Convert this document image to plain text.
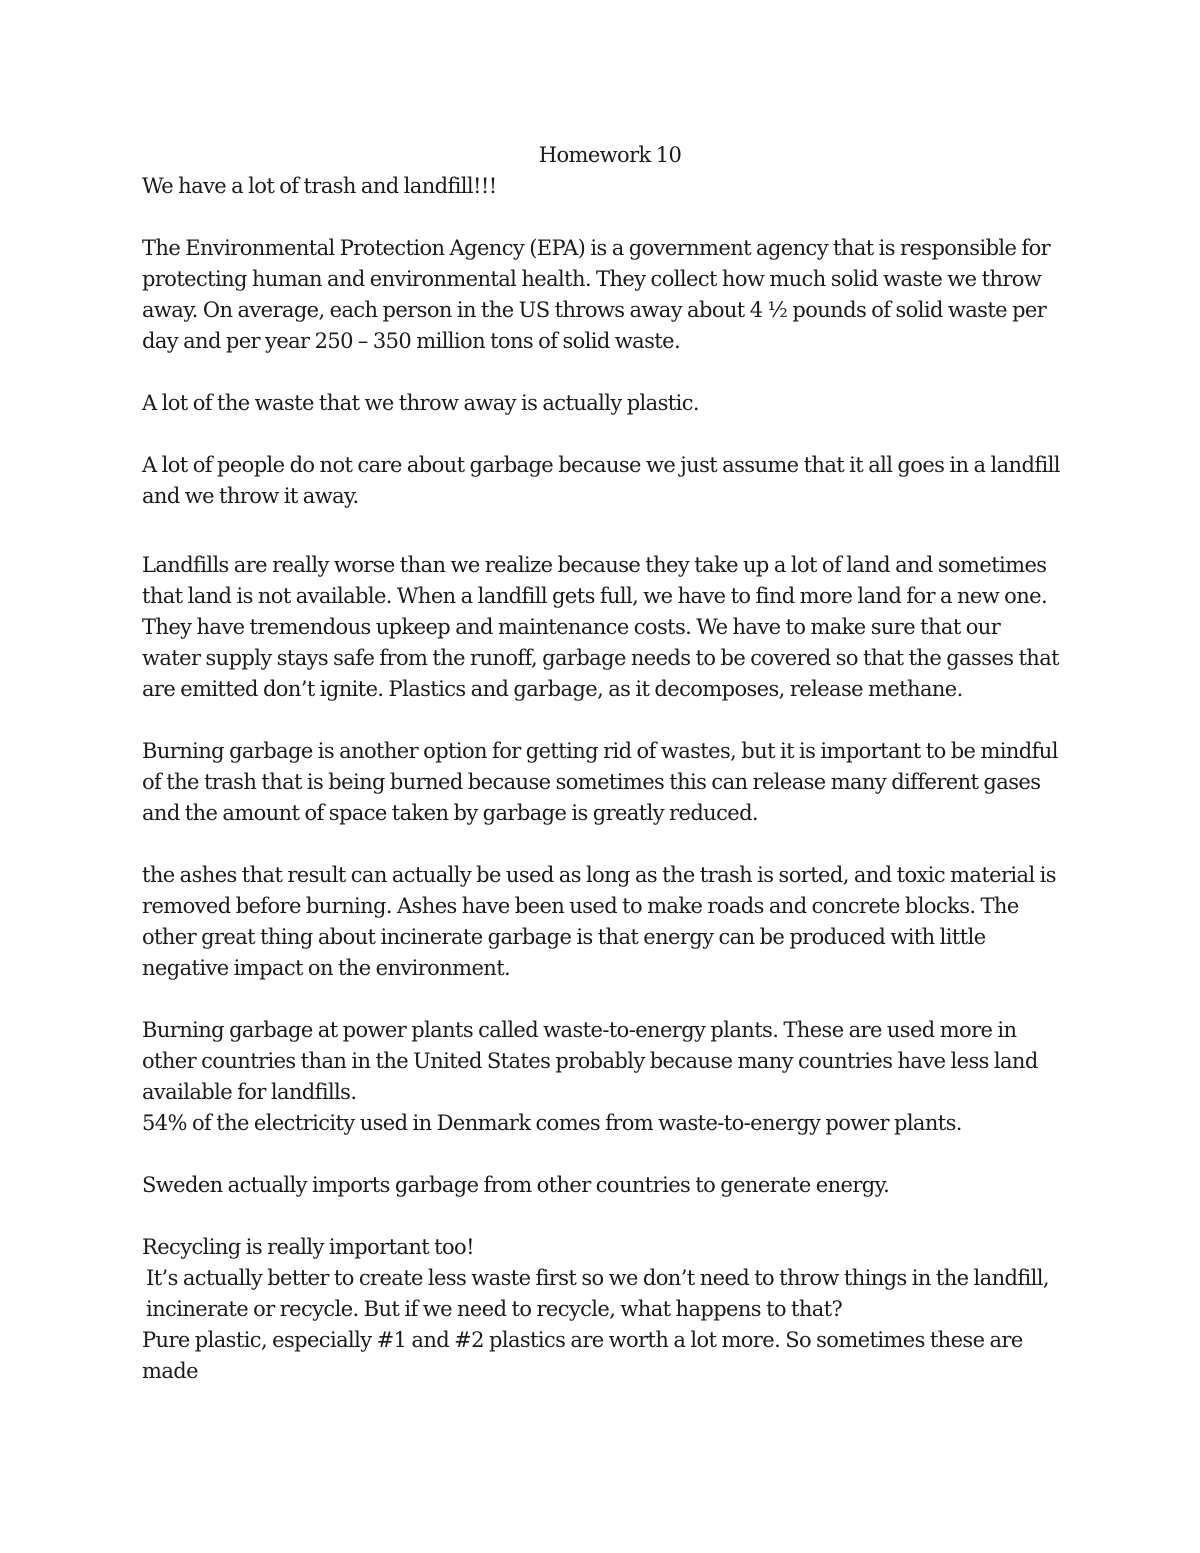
Homework 10

We have a lot of trash and landfill!!!

The Environmental Protection Agency (EPA) is a government agency that is responsible for protecting human and environmental health. They collect how much solid waste we throw away. On average, each person in the US throws away about 4 ½ pounds of solid waste per day and per year 250 – 350 million tons of solid waste.

A lot of the waste that we throw away is actually plastic.

A lot of people do not care about garbage because we just assume that it all goes in a landfill and we throw it away.

Landfills are really worse than we realize because they take up a lot of land and sometimes that land is not available. When a landfill gets full, we have to find more land for a new one. They have tremendous upkeep and maintenance costs. We have to make sure that our water supply stays safe from the runoff, garbage needs to be covered so that the gasses that are emitted don’t ignite. Plastics and garbage, as it decomposes, release methane.

Burning garbage is another option for getting rid of wastes, but it is important to be mindful of the trash that is being burned because sometimes this can release many different gases and the amount of space taken by garbage is greatly reduced.

the ashes that result can actually be used as long as the trash is sorted, and toxic material is removed before burning. Ashes have been used to make roads and concrete blocks. The other great thing about incinerate garbage is that energy can be produced with little negative impact on the environment.

Burning garbage at power plants called waste-to-energy plants. These are used more in other countries than in the United States probably because many countries have less land available for landfills.

54% of the electricity used in Denmark comes from waste-to-energy power plants.

Sweden actually imports garbage from other countries to generate energy.

Recycling is really important too!

It’s actually better to create less waste first so we don’t need to throw things in the landfill, incinerate or recycle. But if we need to recycle, what happens to that?

Pure plastic, especially #1 and #2 plastics are worth a lot more. So sometimes these are made
